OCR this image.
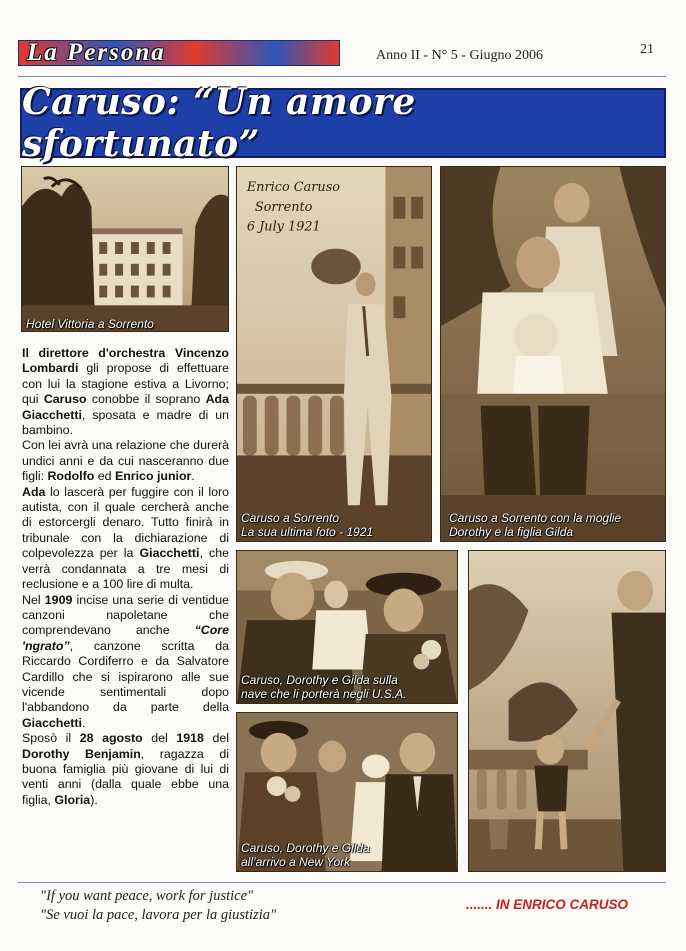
La Persona	Anno II - N° 5 - Giugno 2006	21
Caruso: “Un amore sfortunato”
Hotel Vittoria a Sorrento
Enrico Caruso
Sorrento
6 July 1921
Caruso a Sorrento
La sua ultima foto - 1921
Caruso a Sorrento con la moglie
Dorothy e la figlia Gilda
Caruso, Dorothy e Gilda sulla
nave che li porterà negli U.S.A.
Caruso, Dorothy e Gilda
all’arrivo a New York

Il direttore d'orchestra Vincenzo Lombardi gli propose di effettuare con lui la stagione estiva a Livorno; qui Caruso conobbe il soprano Ada Giacchetti, sposata e madre di un bambino.

Con lei avrà una relazione che durerà undici anni e da cui nasceranno due figli: Rodolfo ed Enrico junior.

Ada lo lascerà per fuggire con il loro autista, con il quale cercherà anche di estorcergli denaro. Tutto finirà in tribunale con la dichiarazione di colpevolezza per la Giacchetti, che verrà condannata a tre mesi di reclusione e a 100 lire di multa.

Nel 1909 incise una serie di ventidue canzoni napoletane che comprendevano anche “Core 'ngrato”, canzone scritta da Riccardo Cordiferro e da Salvatore Cardillo che si ispirarono alle sue vicende sentimentali dopo l'abbandono da parte della Giacchetti.

Sposò il 28 agosto del 1918 del Dorothy Benjamin, ragazza di buona famiglia più giovane di lui di venti anni (dalla quale ebbe una figlia, Gloria).

"If you want peace, work for justice"
"Se vuoi la pace, lavora per la giustizia"
....... IN ENRICO CARUSO
